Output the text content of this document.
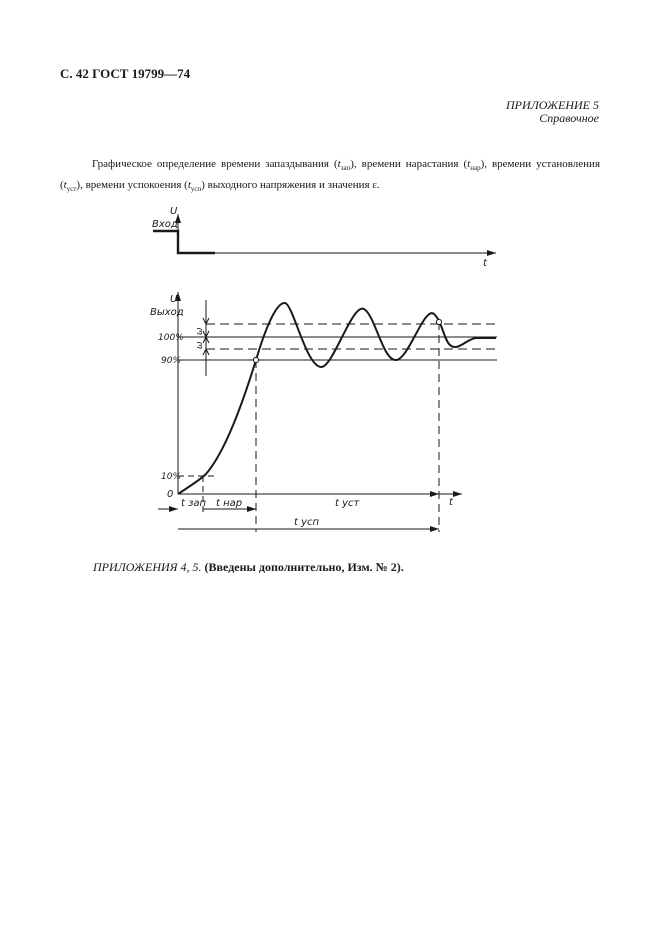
С. 42 ГОСТ 19799—74
ПРИЛОЖЕНИЕ 5
Справочное
Графическое определение времени запаздывания $(t_{зап})$, времени нарастания $(t_{нар})$, времени установления $(t_{уст})$, времени успокоения $(t_{усп})$ выходного напряжения и значения ε.
U
Вход
t
U
Выход
100%
90%
10%
0
ω
ω
t
t зап t нар	t уст
t усп
ПРИЛОЖЕНИЯ 4, 5. (Введены дополнительно, Изм. № 2).
